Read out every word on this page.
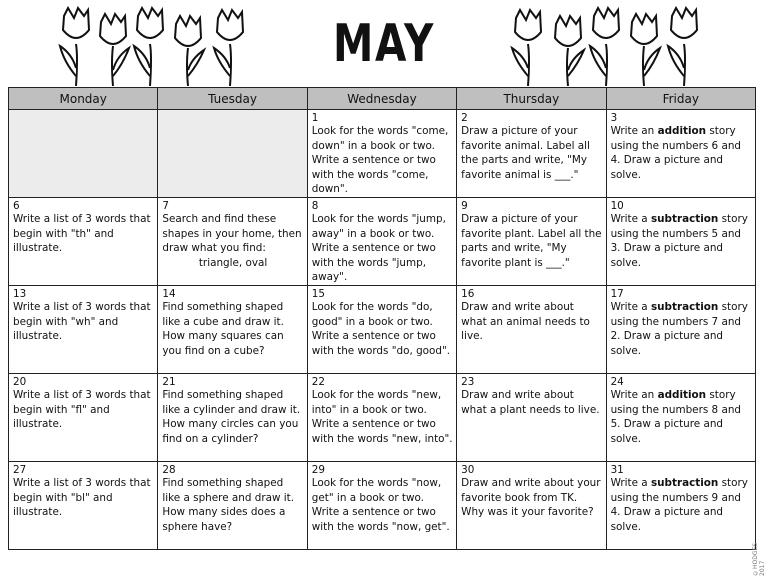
MAY
Monday	Tuesday	Wednesday	Thursday	Friday

		1
Look for the words "come, down" in a book or two. Write a sentence or two with the words "come, down".	2
Draw a picture of your favorite animal. Label all the parts and write, "My favorite animal is ___."	3
Write an addition story using the numbers 6 and 4. Draw a picture and solve.

6
Write a list of 3 words that begin with "th" and illustrate.	7
Search and find these shapes in your home, then draw what you find:
triangle, oval	8
Look for the words "jump, away" in a book or two. Write a sentence or two with the words "jump, away".	9
Draw a picture of your favorite plant. Label all the parts and write, "My favorite plant is ___."	10
Write a subtraction story using the numbers 5 and 3. Draw a picture and solve.

13
Write a list of 3 words that begin with "wh" and illustrate.	14
Find something shaped like a cube and draw it. How many squares can you find on a cube?	15
Look for the words "do, good" in a book or two. Write a sentence or two with the words "do, good".	16
Draw and write about what an animal needs to live.	17
Write a subtraction story using the numbers 7 and 2. Draw a picture and solve.

20
Write a list of 3 words that begin with "fl" and illustrate.	21
Find something shaped like a cylinder and draw it. How many circles can you find on a cylinder?	22
Look for the words "new, into" in a book or two. Write a sentence or two with the words "new, into".	23
Draw and write about what a plant needs to live.	24
Write an addition story using the numbers 8 and 5. Draw a picture and solve.

27
Write a list of 3 words that begin with "bl" and illustrate.	28
Find something shaped like a sphere and draw it. How many sides does a sphere have?	29
Look for the words "now, get" in a book or two. Write a sentence or two with the words "now, get".	30
Draw and write about your favorite book from TK. Why was it your favorite?	31
Write a subtraction story using the numbers 9 and 4. Draw a picture and solve.
©HODGES 2017
